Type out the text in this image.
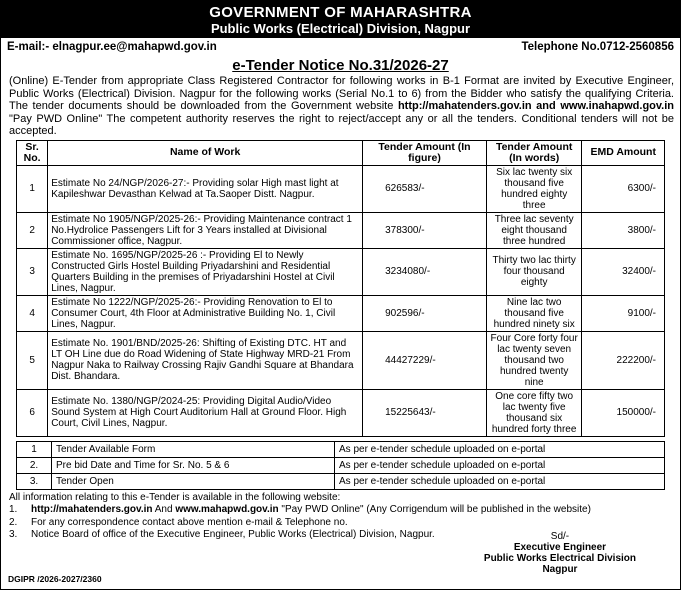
GOVERNMENT OF MAHARASHTRA
Public Works (Electrical) Division, Nagpur
E-mail:- elnagpur.ee@mahapwd.gov.in	Telephone No.0712-2560856
e-Tender Notice No.31/2026-27
(Online) E-Tender from appropriate Class Registered Contractor for following works in B-1 Format are invited by Executive Engineer, Public Works (Electrical) Division. Nagpur for the following works (Serial No.1 to 6) from the Bidder who satisfy the qualifying Criteria. The tender documents should be downloaded from the Government website http://mahatenders.gov.in and www.inahapwd.gov.in "Pay PWD Online" The competent authority reserves the right to reject/accept any or all the tenders. Conditional tenders will not be accepted.
Sr. No.	Name of Work	Tender Amount (In figure)	Tender Amount (In words)	EMD Amount
1	Estimate No 24/NGP/2026-27:- Providing solar High mast light at Kapileshwar Devasthan Kelwad at Ta.Saoper Distt. Nagpur.	626583/-	Six lac twenty six thousand five hundred eighty three	6300/-
2	Estimate No 1905/NGP/2025-26:- Providing Maintenance contract 1 No.Hydrolice Passengers Lift for 3 Years installed at Divisional Commissioner office, Nagpur.	378300/-	Three lac seventy eight thousand three hundred	3800/-
3	Estimate No. 1695/NGP/2025-26 :- Providing El to Newly Constructed Girls Hostel Building Priyadarshini and Residential Quarters Building in the premises of Priyadarshini Hostel at Civil Lines, Nagpur.	3234080/-	Thirty two lac thirty four thousand eighty	32400/-
4	Estimate No 1222/NGP/2025-26:- Providing Renovation to El to Consumer Court, 4th Floor at Administrative Building No. 1, Civil Lines, Nagpur.	902596/-	Nine lac two thousand five hundred ninety six	9100/-
5	Estimate No. 1901/BND/2025-26: Shifting of Existing DTC. HT and LT OH Line due do Road Widening of State Highway MRD-21 From Nagpur Naka to Railway Crossing Rajiv Gandhi Square at Bhandara Dist. Bhandara.	44427229/-	Four Core forty four lac twenty seven thousand two hundred twenty nine	222200/-
6	Estimate No. 1380/NGP/2024-25: Providing Digital Audio/Video Sound System at High Court Auditorium Hall at Ground Floor. High Court, Civil Lines, Nagpur.	15225643/-	One core fifty two lac twenty five thousand six hundred forty three	150000/-
1	Tender Available Form	As per e-tender schedule uploaded on e-portal
2.	Pre bid Date and Time for Sr. No. 5 & 6	As per e-tender schedule uploaded on e-portal
3.	Tender Open	As per e-tender schedule uploaded on e-portal
All information relating to this e-Tender is available in the following website:
1.	http://mahatenders.gov.in And www.mahapwd.gov.in "Pay PWD Online" (Any Corrigendum will be published in the website)
2.	For any correspondence contact above mention e-mail & Telephone no.
3.	Notice Board of office of the Executive Engineer, Public Works (Electrical) Division, Nagpur.	Sd/-
Executive Engineer
Public Works Electrical Division
Nagpur
DGIPR /2026-2027/2360
